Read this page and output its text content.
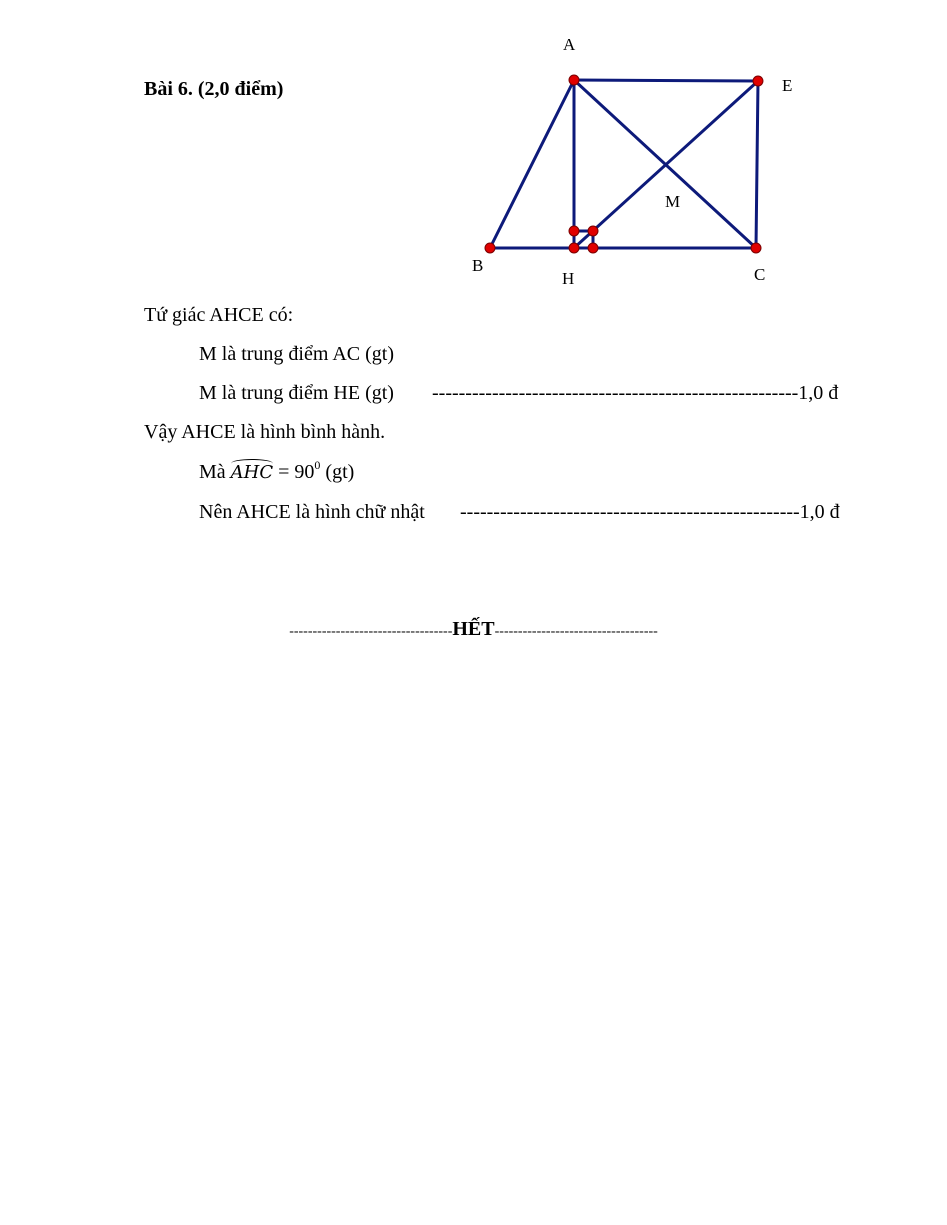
Bài 6. (2,0 điểm)
A
E
M
B
H	C
Tứ giác AHCE có:
M là trung điểm AC (gt)
M là trung điểm HE (gt) -------------------------------------------------------1,0 đ
Vậy AHCE là hình bình hành.
Mà AHC = $90^0$ (gt)
Nên AHCE là hình chữ nhật ---------------------------------------------------1,0 đ
-----------------------------------HẾT-----------------------------------
